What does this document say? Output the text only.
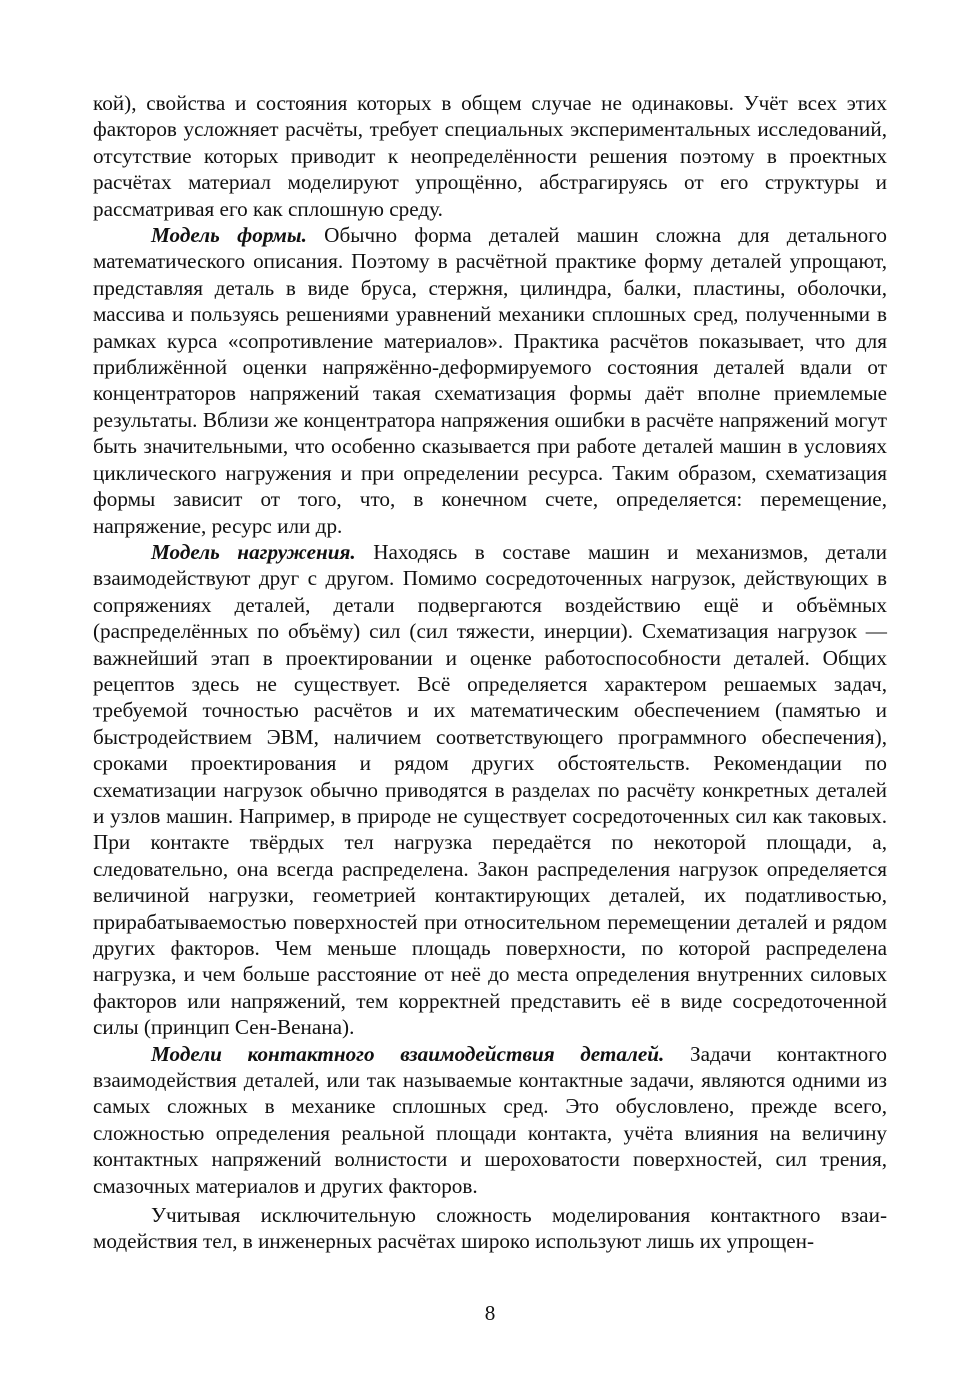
кой), свойства и состояния которых в общем случае не одинаковы. Учёт всех этих факторов усложняет расчёты, требует специальных экспериментальных исследований, отсутствие которых приводит к неопределённости решения поэтому в проектных расчётах материал моделируют упрощённо, абстрагируясь от его структуры и рассматривая его как сплошную среду.

Модель формы. Обычно форма деталей машин сложна для детального математического описания. Поэтому в расчётной практике форму деталей упрощают, представляя деталь в виде бруса, стержня, цилиндра, балки, пластины, оболочки, массива и пользуясь решениями уравнений механики сплошных сред, полученными в рамках курса «сопротивление материалов». Практика расчётов показывает, что для приближённой оценки напряжённо-деформируемого состояния деталей вдали от концентраторов напряжений такая схематизация формы даёт вполне приемлемые результаты. Вблизи же концентратора напряжения ошибки в расчёте напряжений могут быть значительными, что особенно сказывается при работе деталей машин в условиях циклического нагружения и при определении ресурса. Таким образом, схематизация формы зависит от того, что, в конечном счете, определяется: перемещение, напряжение, ресурс или др.

Модель нагружения. Находясь в составе машин и механизмов, детали взаимодействуют друг с другом. Помимо сосредоточенных нагрузок, действующих в сопряжениях деталей, детали подвергаются воздействию ещё и объёмных (распределённых по объёму) сил (сил тяжести, инерции). Схематизация нагрузок — важнейший этап в проектировании и оценке работоспособности деталей. Общих рецептов здесь не существует. Всё определяется характером решаемых задач, требуемой точностью расчётов и их математическим обеспечением (памятью и быстродействием ЭВМ, наличием соответствующего программного обеспечения), сроками проектирования и рядом других обстоятельств. Рекомендации по схематизации нагрузок обычно приводятся в разделах по расчёту конкретных деталей и узлов машин. Например, в природе не существует сосредоточенных сил как таковых. При контакте твёрдых тел нагрузка передаётся по некоторой площади, а, следовательно, она всегда распределена. Закон распределения нагрузок определяется величиной нагрузки, геометрией контактирующих деталей, их податливостью, прирабатываемостью поверхностей при относительном перемещении деталей и рядом других факторов. Чем меньше площадь поверхности, по которой распределена нагрузка, и чем больше расстояние от неё до места определения внутренних силовых факторов или напряжений, тем корректней представить её в виде сосредоточенной силы (принцип Сен-Венана).

Модели контактного взаимодействия деталей. Задачи контактного взаимодействия деталей, или так называемые контактные задачи, являются одними из самых сложных в механике сплошных сред. Это обусловлено, прежде всего, сложностью определения реальной площади контакта, учёта влияния на величину контактных напряжений волнистости и шероховатости поверхностей, сил трения, смазочных материалов и других факторов.

Учитывая исключительную сложность моделирования контактного взаимодействия тел, в инженерных расчётах широко используют лишь их упрощен-

8
